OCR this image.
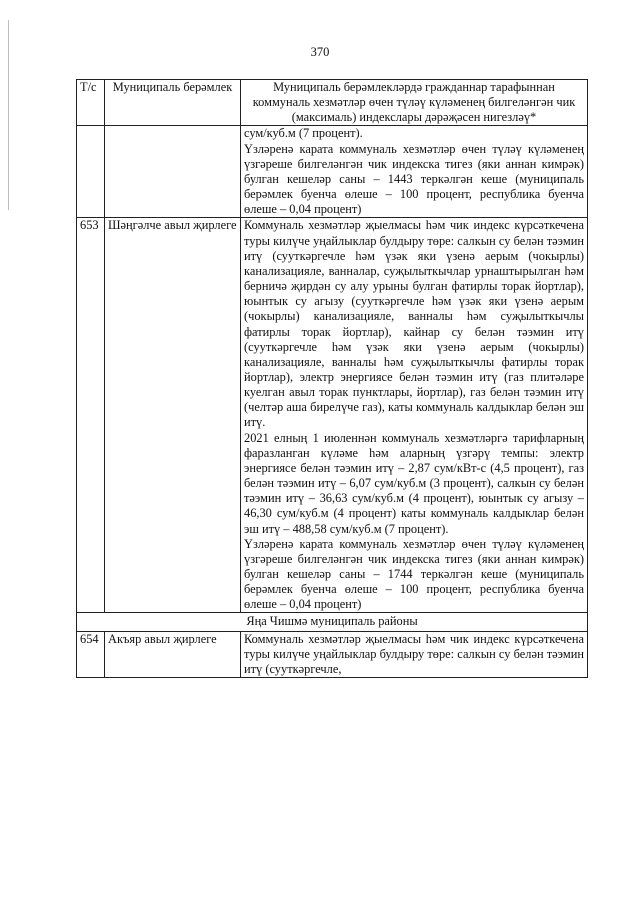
370
Т/с	Муниципаль берәмлек	Муниципаль берәмлекләрдә гражданнар тарафыннан коммуналь хезмәтләр өчен түләү күләменең билгеләнгән чик (максималь) индекслары дәрәҗәсен нигезләү*

		сум/куб.м (7 процент).

Үзләренә карата коммуналь хезмәтләр өчен түләү күләменең үзгәреше билгеләнгән чик индекска тигез (яки аннан кимрәк) булган кешеләр саны – 1443 теркәлгән кеше (муниципаль берәмлек буенча өлеше – 100 процент, республика буенча өлеше – 0,04 процент)

653	Шәңгәлче авыл җирлеге	Коммуналь хезмәтләр җыелмасы һәм чик индекс күрсәткечена туры килүче уңайлыклар булдыру төре: салкын су белән тәэмин итү (сууткәргечле һәм үзәк яки үзенә аерым (чокырлы) канализацияле, ванналар, суҗылыткычлар урнаштырылган һәм берничә җирдән су алу урыны булган фатирлы торак йортлар), юынтык су агызу (сууткәргечле һәм үзәк яки үзенә аерым (чокырлы) канализацияле, ванналы һәм суҗылыткычлы фатирлы торак йортлар), кайнар су белән тәэмин итү (сууткәргечле һәм үзәк яки үзенә аерым (чокырлы) канализацияле, ванналы һәм суҗылыткычлы фатирлы торак йортлар), электр энергиясе белән тәэмин итү (газ плитәләре куелган авыл торак пунктлары, йортлар), газ белән тәэмин итү (челтәр аша бирелүче газ), каты коммуналь калдыклар белән эш итү.

2021 елның 1 июленнән коммуналь хезмәтләргә тарифларның фаразланган күләме һәм аларның үзгәрү темпы: электр энергиясе белән тәэмин итү – 2,87 сум/кВт-с (4,5 процент), газ белән тәэмин итү – 6,07 сум/куб.м (3 процент), салкын су белән тәэмин итү – 36,63 сум/куб.м (4 процент), юынтык су агызу – 46,30 сум/куб.м (4 процент) каты коммуналь калдыклар белән эш итү – 488,58 сум/куб.м (7 процент).

Үзләренә карата коммуналь хезмәтләр өчен түләү күләменең үзгәреше билгеләнгән чик индекска тигез (яки аннан кимрәк) булган кешеләр саны – 1744 теркәлгән кеше (муниципаль берәмлек буенча өлеше – 100 процент, республика буенча өлеше – 0,04 процент)

Яңа Чишмә муниципаль районы		
654	Акъяр авыл җирлеге	Коммуналь хезмәтләр җыелмасы һәм чик индекс күрсәткечена туры килүче уңайлыклар булдыру төре: салкын су белән тәэмин итү (сууткәргечле,
